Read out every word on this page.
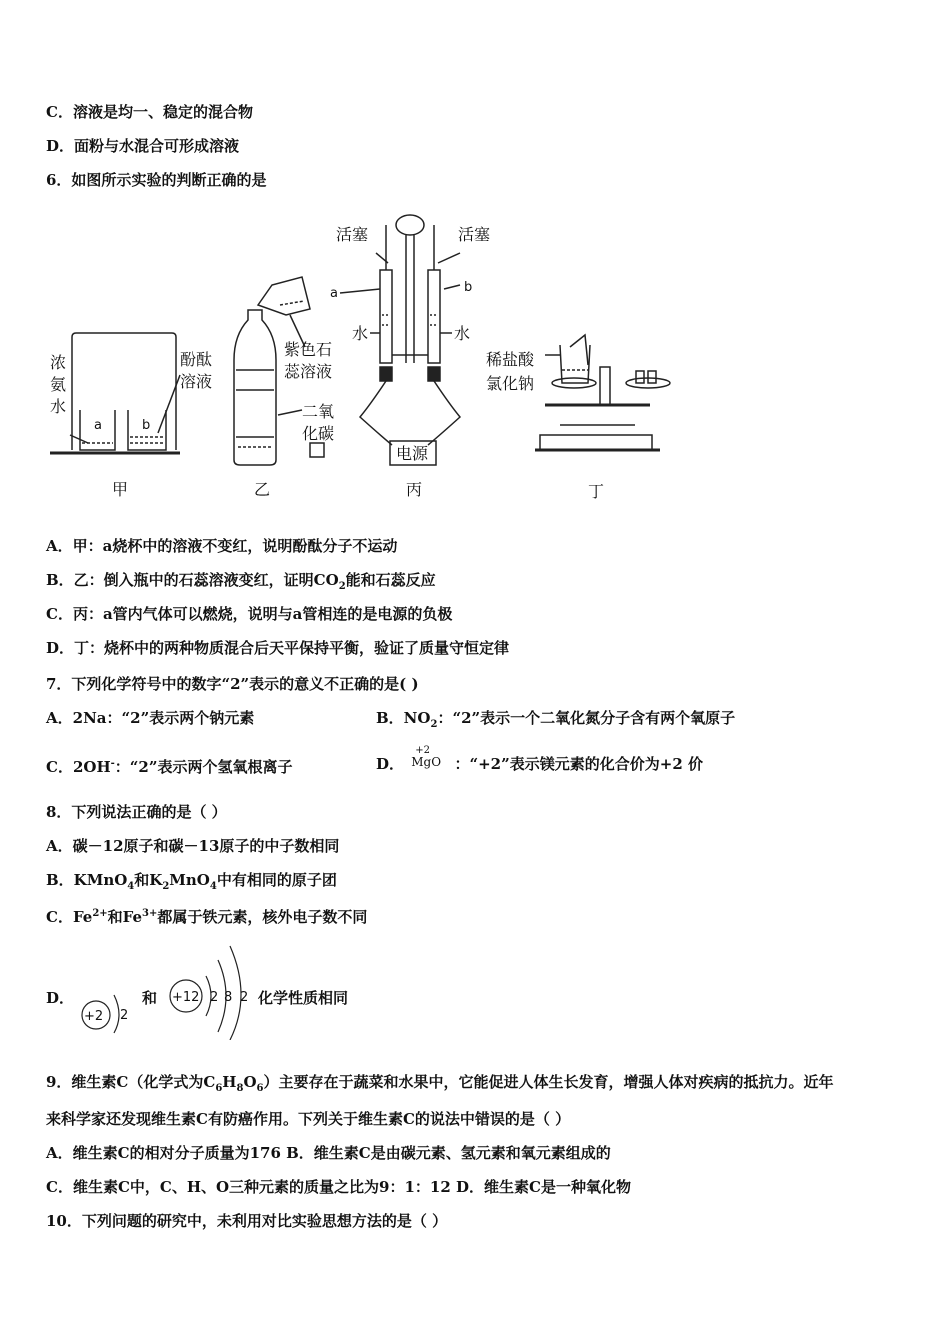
C．溶液是均一、稳定的混合物
D．面粉与水混合可形成溶液
6．如图所示实验的判断正确的是
浓
氨
水
a	b
酚酞
溶液
甲
紫色石
蕊溶液
二氧
化碳
乙
活塞	活塞
a	b
水	水
电源
丙
稀盐酸
氯化钠
丁
A．甲：a烧杯中的溶液不变红，说明酚酞分子不运动
B．乙：倒入瓶中的石蕊溶液变红，证明$CO_2$能和石蕊反应
C．丙：a管内气体可以燃烧，说明与a管相连的是电源的负极
D．丁：烧杯中的两种物质混合后天平保持平衡，验证了质量守恒定律
7．下列化学符号中的数字“2”表示的意义不正确的是( )
A．2Na：“2”表示两个钠元素	B．$NO_2$：“2”表示一个二氧化氮分子含有两个氧原子
C．2OH-：“2”表示两个氢氧根离子	D．
+2
MgO ：“+2”表示镁元素的化合价为+2 价
8．下列说法正确的是（ ）
A．碳－12原子和碳－13原子的中子数相同
B．KMnO$_4$和$K_2MnO_4$中有相同的原子团
C．$Fe^{2+}$和$Fe^{3+}$都属于铁元素，核外电子数不同
D．
+2 2
和 +12 2 8 2 化学性质相同
9．维生素C（化学式为$C_6H_8O_6$）主要存在于蔬菜和水果中，它能促进人体生长发育，增强人体对疾病的抵抗力。近年
来科学家还发现维生素C有防癌作用。下列关于维生素C的说法中错误的是（ ）
A．维生素C的相对分子质量为176 B．维生素C是由碳元素、氢元素和氧元素组成的
C．维生素C中，C、H、O三种元素的质量之比为9：1：12 D．维生素C是一种氧化物
10．下列问题的研究中，未利用对比实验思想方法的是（ ）
